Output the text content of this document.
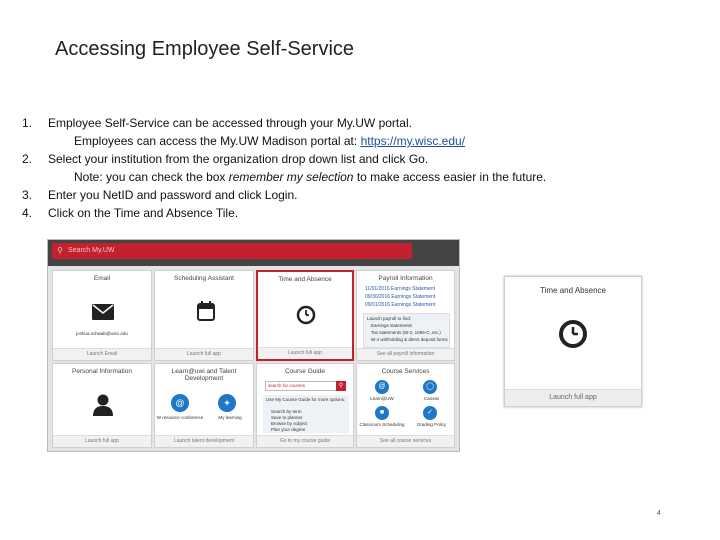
Accessing Employee Self-Service
1. Employee Self-Service can be accessed through your My.UW portal.
Employees can access the My.UW Madison portal at: https://my.wisc.edu/
2. Select your institution from the organization drop down list and click Go.
Note: you can check the box remember my selection to make access easier in the future.
3. Enter you NetID and password and click Login.
4. Click on the Time and Absence Tile.
⚲ Search My.UW
Email
joshua.schwab@wisc.edu
Launch Email
Scheduling Assistant
Launch full app
Time and Absence
Launch full app
Payroll Information
11/01/2016 Earnings Statement
09/30/2016 Earnings Statement
09/01/2016 Earnings Statement
Launch payroll to find:
Earnings statements
Tax statements (W-2, 1095-C, etc.)
W-4 withholding & direct deposit forms
See all payroll information
Personal Information
Launch full app
Learn@uwi and Talent Development
@	✦
W resource conference	My learning
Launch talent development
Course Guide
search for courses	⚲
Use My Course Guide for more options:
Search by term
Save to planner
Browse by subject
Plan your degree
Go to my course guide
Course Services
@	◯
Learn@UW	Canvas
■	✓
Classroom Scheduling	Grading Policy
See all course services
Time and Absence
Launch full app
4
